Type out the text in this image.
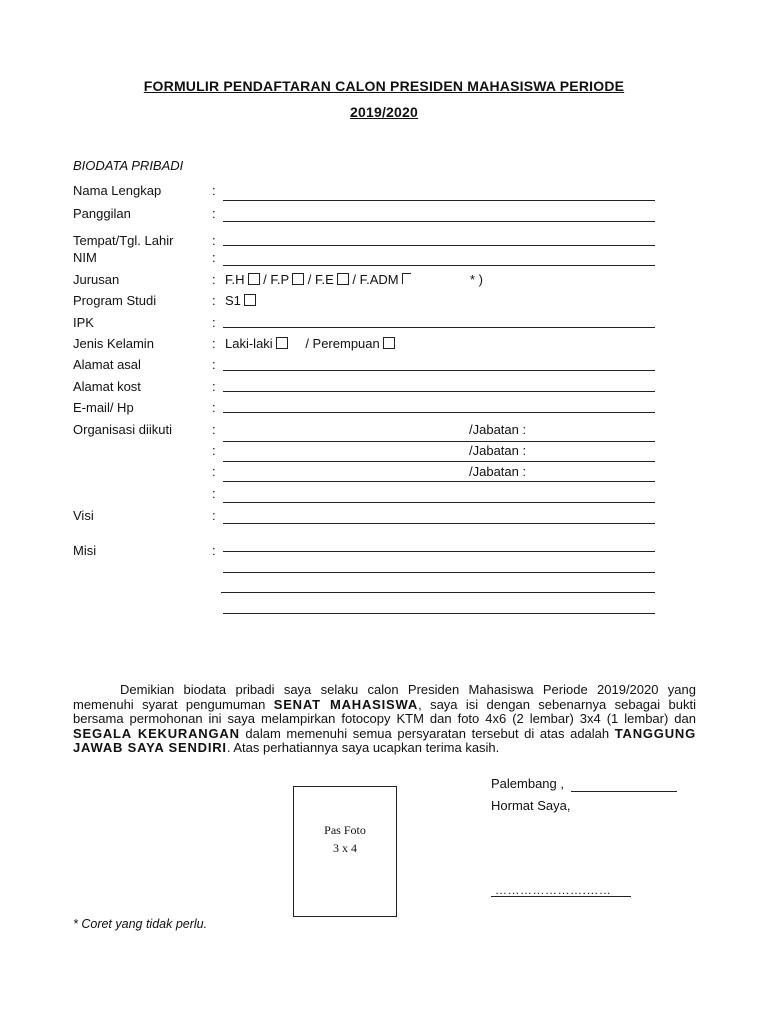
FORMULIR PENDAFTARAN CALON PRESIDEN MAHASISWA PERIODE
2019/2020
BIODATA PRIBADI
Nama Lengkap	:
Panggilan	:
Tempat/Tgl. Lahir	:
NIM	:
Jurusan	: F.H / F.P / F.E / F.ADM	* )
Program Studi	: S1
IPK	:
Jenis Kelamin	: Laki-laki	/ Perempuan
Alamat asal	:
Alamat kost	:
E-mail/ Hp	:
Organisasi diikuti	:	/Jabatan :
:	/Jabatan :
:	/Jabatan :
:
Visi	:
Misi	:
Demikian biodata pribadi saya selaku calon Presiden Mahasiswa Periode 2019/2020 yang memenuhi syarat pengumuman SENAT MAHASISWA, saya isi dengan sebenarnya sebagai bukti bersama permohonan ini saya melampirkan fotocopy KTM dan foto 4x6 (2 lembar) 3x4 (1 lembar) dan SEGALA KEKURANGAN dalam memenuhi semua persyaratan tersebut di atas adalah TANGGUNG JAWAB SAYA SENDIRI. Atas perhatiannya saya ucapkan terima kasih.
Palembang ,
Hormat Saya,
Pas Foto
3 x 4
………………….……
* Coret yang tidak perlu.
